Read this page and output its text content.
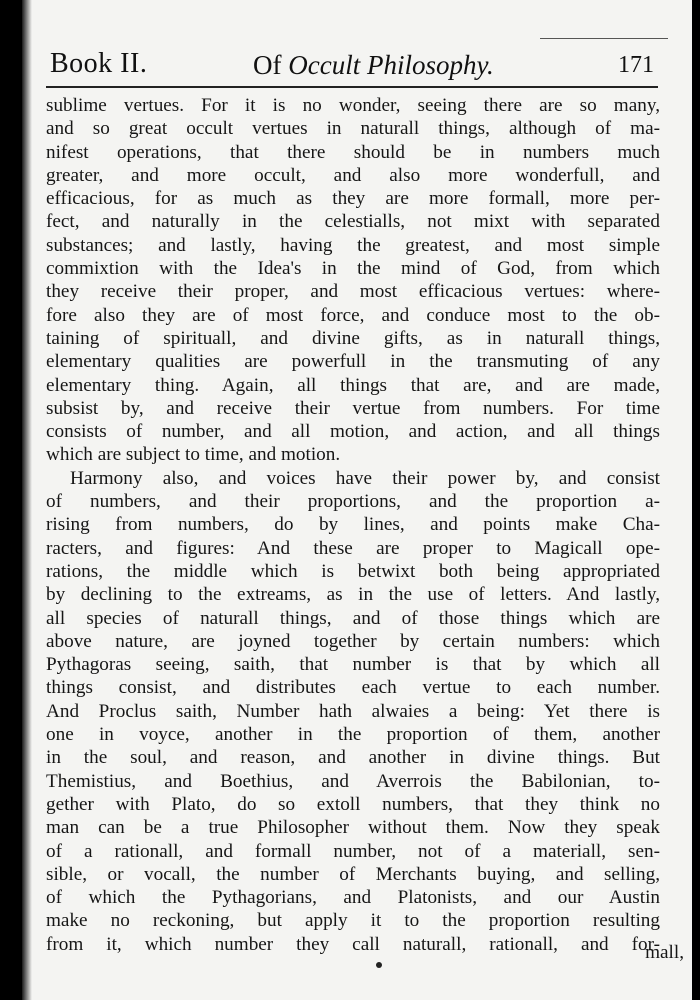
Book II.	Of Occult Philosophy.	171
sublime vertues. For it is no wonder, seeing there are so many,
and so great occult vertues in naturall things, although of ma-
nifest operations, that there should be in numbers much
greater, and more occult, and also more wonderfull, and
efficacious, for as much as they are more formall, more per-
fect, and naturally in the celestialls, not mixt with separated
substances; and lastly, having the greatest, and most simple
commixtion with the Idea's in the mind of God, from which
they receive their proper, and most efficacious vertues: where-
fore also they are of most force, and conduce most to the ob-
taining of spirituall, and divine gifts, as in naturall things,
elementary qualities are powerfull in the transmuting of any
elementary thing. Again, all things that are, and are made,
subsist by, and receive their vertue from numbers. For time
consists of number, and all motion, and action, and all things
which are subject to time, and motion.
Harmony also, and voices have their power by, and consist
of numbers, and their proportions, and the proportion a-
rising from numbers, do by lines, and points make Cha-
racters, and figures: And these are proper to Magicall ope-
rations, the middle which is betwixt both being appropriated
by declining to the extreams, as in the use of letters. And lastly,
all species of naturall things, and of those things which are
above nature, are joyned together by certain numbers: which
Pythagoras seeing, saith, that number is that by which all
things consist, and distributes each vertue to each number.
And Proclus saith, Number hath alwaies a being: Yet there is
one in voyce, another in the proportion of them, another
in the soul, and reason, and another in divine things. But
Themistius, and Boethius, and Averrois the Babilonian, to-
gether with Plato, do so extoll numbers, that they think no
man can be a true Philosopher without them. Now they speak
of a rationall, and formall number, not of a materiall, sen-
sible, or vocall, the number of Merchants buying, and selling,
of which the Pythagorians, and Platonists, and our Austin
make no reckoning, but apply it to the proportion resulting
from it, which number they call naturall, rationall, and for-
mall,
